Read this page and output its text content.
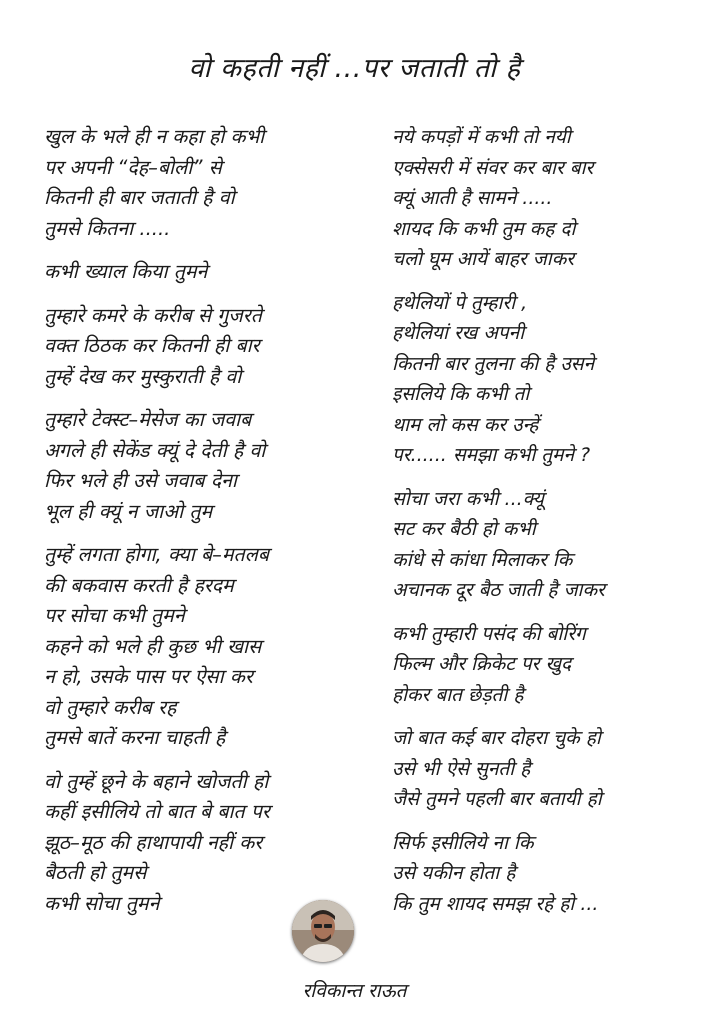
वो कहती नहीं ...पर जताती तो है
खुल के भले ही न कहा हो कभी
पर अपनी “देह–बोली” से
कितनी ही बार जताती है वो
तुमसे कितना .....
कभी ख्याल किया तुमने
तुम्हारे कमरे के करीब से गुजरते
वक्त ठिठक कर कितनी ही बार
तुम्हें देख कर मुस्कुराती है वो
तुम्हारे टेक्स्ट–मेसेज का जवाब
अगले ही सेकेंड क्यूं दे देती है वो
फिर भले ही उसे जवाब देना
भूल ही क्यूं न जाओ तुम
तुम्हें लगता होगा, क्या बे–मतलब
की बकवास करती है हरदम
पर सोचा कभी तुमने
कहने को भले ही कुछ भी खास
न हो, उसके पास पर ऐसा कर
वो तुम्हारे करीब रह
तुमसे बातें करना चाहती है
वो तुम्हें छूने के बहाने खोजती हो
कहीं इसीलिये तो बात बे बात पर
झूठ–मूठ की हाथापायी नहीं कर
बैठती हो तुमसे
कभी सोचा तुमने
नये कपड़ों में कभी तो नयी
एक्सेसरी में संवर कर बार बार
क्यूं आती है सामने .....
शायद कि कभी तुम कह दो
चलो घूम आयें बाहर जाकर
हथेलियों पे तुम्हारी ,
हथेलियां रख अपनी
कितनी बार तुलना की है उसने
इसलिये कि कभी तो
थाम लो कस कर उन्हें
पर...... समझा कभी तुमने ?
सोचा जरा कभी ...क्यूं
सट कर बैठी हो कभी
कांधे से कांधा मिलाकर कि
अचानक दूर बैठ जाती है जाकर
कभी तुम्हारी पसंद की बोरिंग
फिल्म और क्रिकेट पर खुद
होकर बात छेड़ती है
जो बात कई बार दोहरा चुके हो
उसे भी ऐसे सुनती है
जैसे तुमने पहली बार बतायी हो
सिर्फ इसीलिये ना कि
उसे यकीन होता है
कि तुम शायद समझ रहे हो ...
रविकान्त राऊत
